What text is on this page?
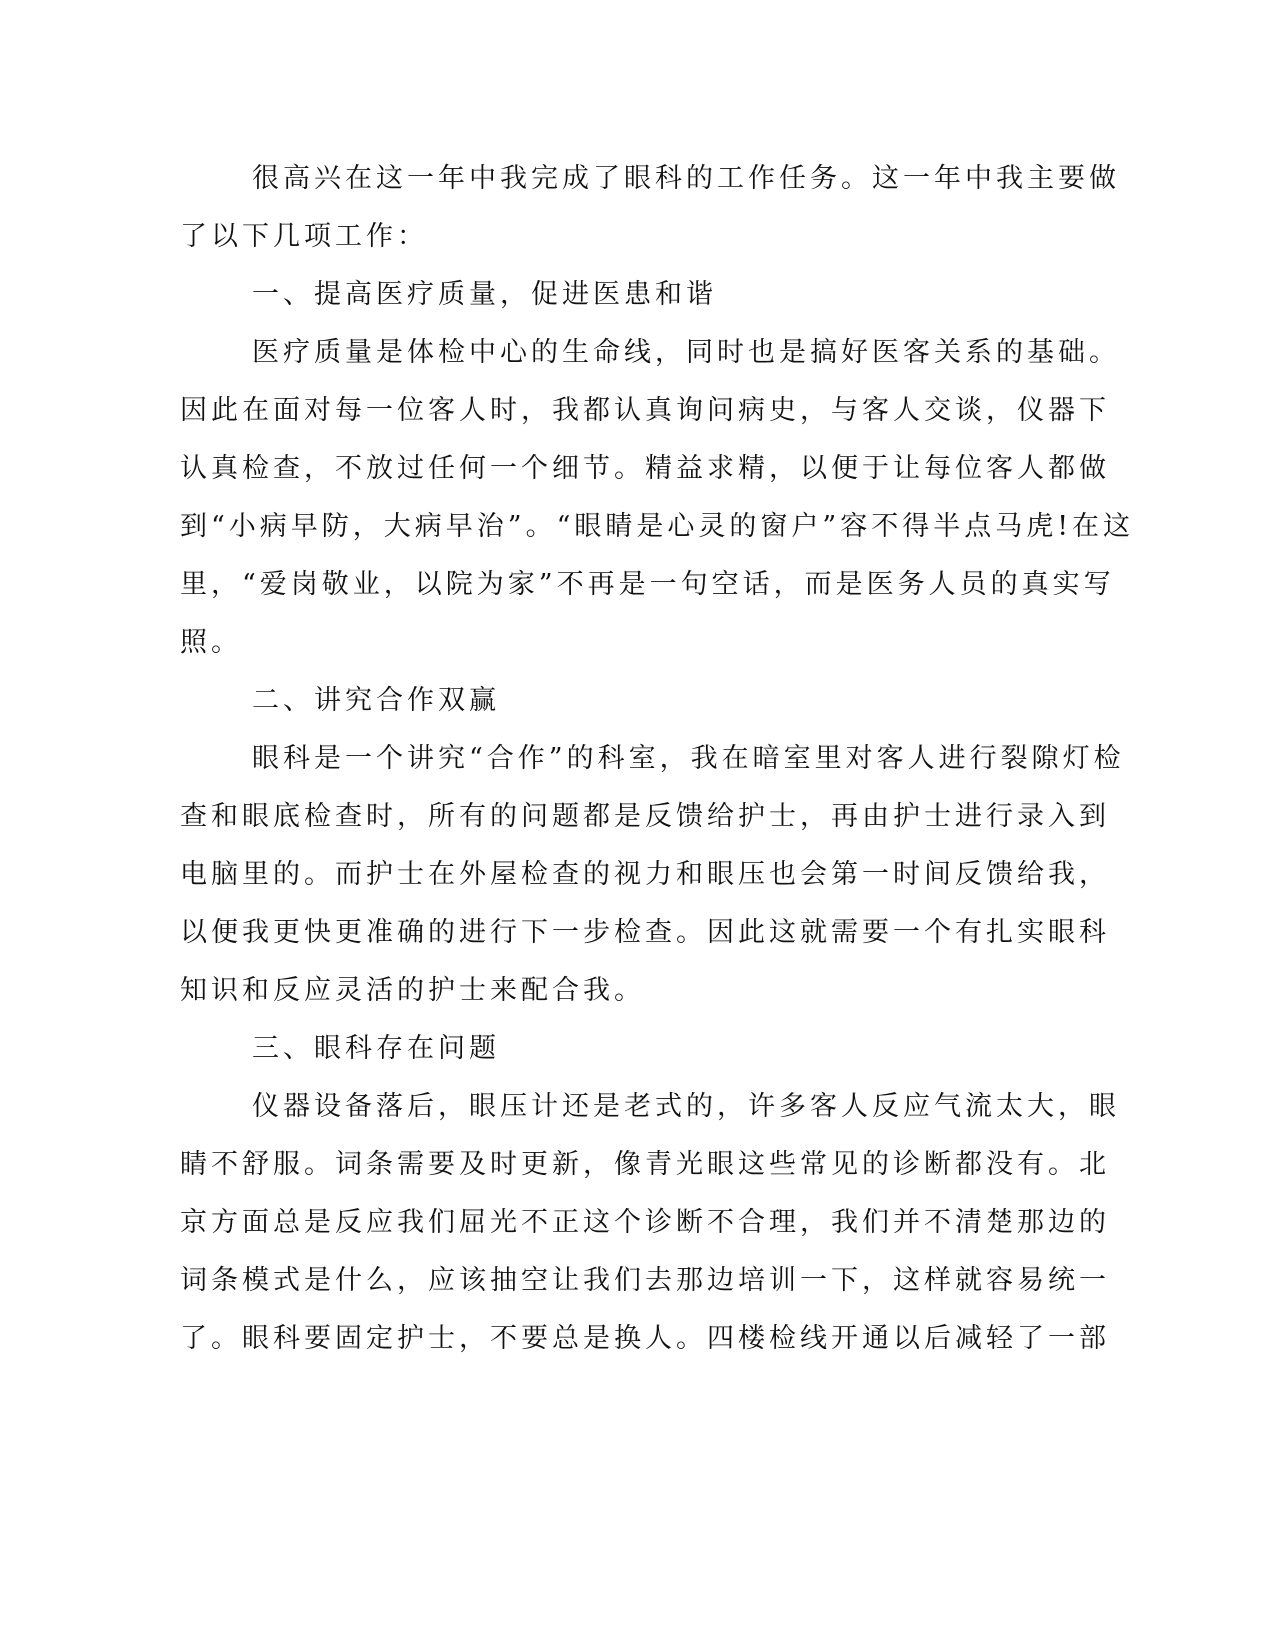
很高兴在这一年中我完成了眼科的工作任务。这一年中我主要做
了以下几项工作：

一、提高医疗质量，促进医患和谐

医疗质量是体检中心的生命线，同时也是搞好医客关系的基础。
因此在面对每一位客人时，我都认真询问病史，与客人交谈，仪器下
认真检查，不放过任何一个细节。精益求精，以便于让每位客人都做
到“小病早防，大病早治”。“眼睛是心灵的窗户”容不得半点马虎!在这
里，“爱岗敬业，以院为家”不再是一句空话，而是医务人员的真实写
照。

二、讲究合作双赢

眼科是一个讲究“合作”的科室，我在暗室里对客人进行裂隙灯检
查和眼底检查时，所有的问题都是反馈给护士，再由护士进行录入到
电脑里的。而护士在外屋检查的视力和眼压也会第一时间反馈给我，
以便我更快更准确的进行下一步检查。因此这就需要一个有扎实眼科
知识和反应灵活的护士来配合我。

三、眼科存在问题

仪器设备落后，眼压计还是老式的，许多客人反应气流太大，眼
睛不舒服。词条需要及时更新，像青光眼这些常见的诊断都没有。北
京方面总是反应我们屈光不正这个诊断不合理，我们并不清楚那边的
词条模式是什么，应该抽空让我们去那边培训一下，这样就容易统一
了。眼科要固定护士，不要总是换人。四楼检线开通以后减轻了一部
